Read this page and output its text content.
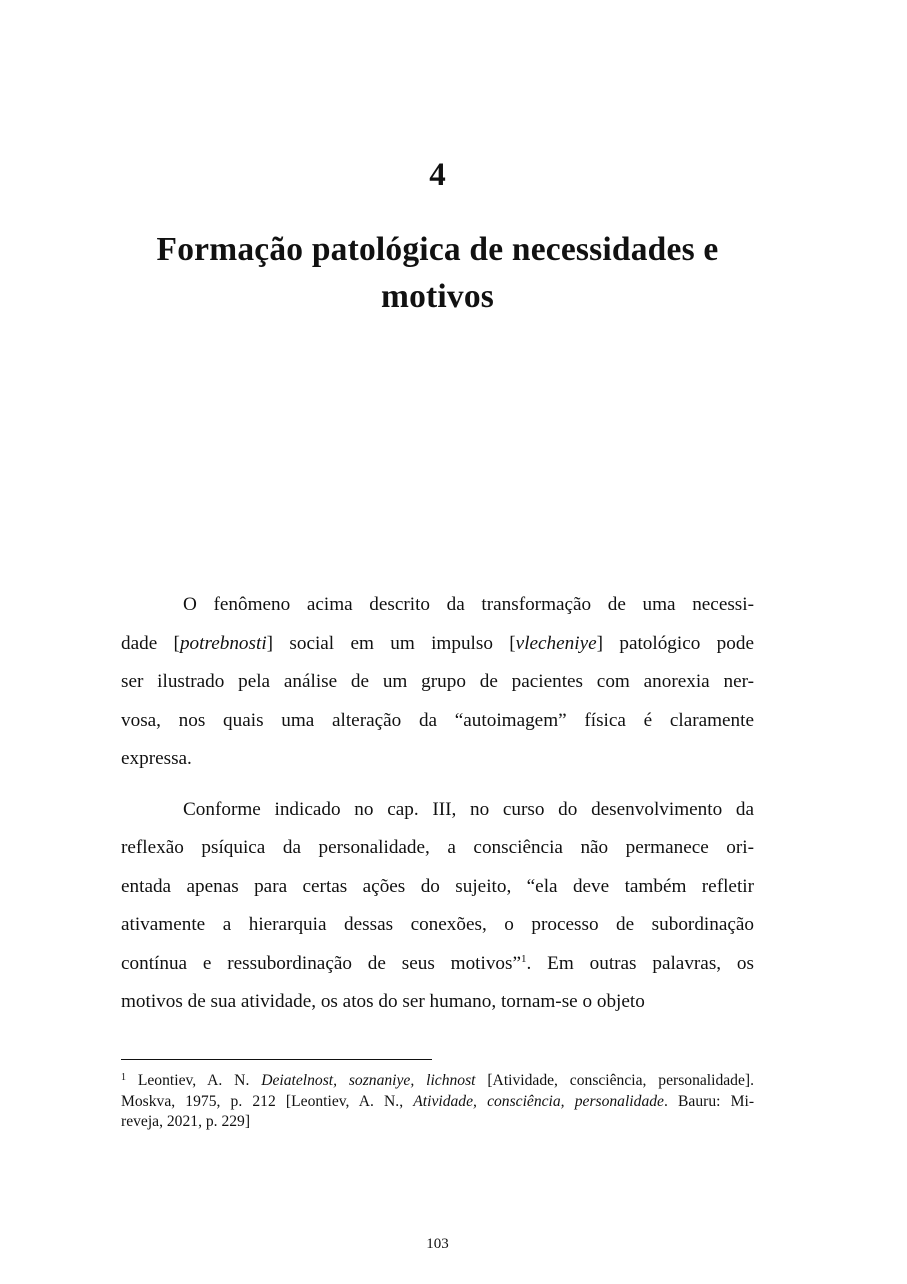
4
Formação patológica de necessidades e
motivos

O fenômeno acima descrito da transformação de uma necessi-
dade [potrebnosti] social em um impulso [vlecheniye] patológico pode
ser ilustrado pela análise de um grupo de pacientes com anorexia ner-
vosa, nos quais uma alteração da “autoimagem” física é claramente
expressa.

Conforme indicado no cap. III, no curso do desenvolvimento da
reflexão psíquica da personalidade, a consciência não permanece ori-
entada apenas para certas ações do sujeito, “ela deve também refletir
ativamente a hierarquia dessas conexões, o processo de subordinação
contínua e ressubordinação de seus motivos”$^1$. Em outras palavras, os
motivos de sua atividade, os atos do ser humano, tornam-se o objeto

$^1$ Leontiev, A. N. Deiatelnost, soznaniye, lichnost [Atividade, consciência, personalidade].
Moskva, 1975, p. 212 [Leontiev, A. N., Atividade, consciência, personalidade. Bauru: Mi-
reveja, 2021, p. 229]
103
